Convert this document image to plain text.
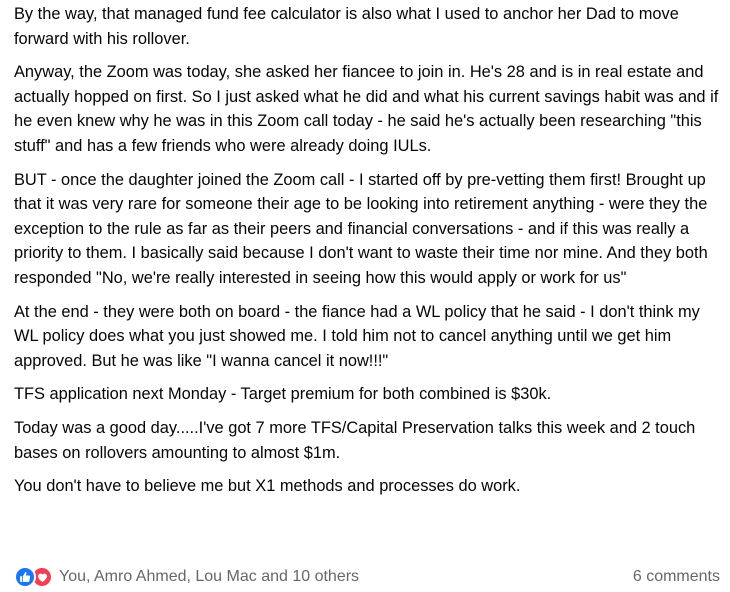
By the way, that managed fund fee calculator is also what I used to anchor her Dad to move forward with his rollover.

Anyway, the Zoom was today, she asked her fiancee to join in. He's 28 and is in real estate and actually hopped on first. So I just asked what he did and what his current savings habit was and if he even knew why he was in this Zoom call today - he said he's actually been researching "this stuff" and has a few friends who were already doing IULs.

BUT - once the daughter joined the Zoom call - I started off by pre-vetting them first! Brought up that it was very rare for someone their age to be looking into retirement anything - were they the exception to the rule as far as their peers and financial conversations - and if this was really a priority to them. I basically said because I don't want to waste their time nor mine. And they both responded "No, we're really interested in seeing how this would apply or work for us"

At the end - they were both on board - the fiance had a WL policy that he said - I don't think my WL policy does what you just showed me. I told him not to cancel anything until we get him approved. But he was like "I wanna cancel it now!!!"

TFS application next Monday - Target premium for both combined is $30k.

Today was a good day.....I've got 7 more TFS/Capital Preservation talks this week and 2 touch bases on rollovers amounting to almost $1m.

You don't have to believe me but X1 methods and processes do work.

You, Amro Ahmed, Lou Mac and 10 others	6 comments
